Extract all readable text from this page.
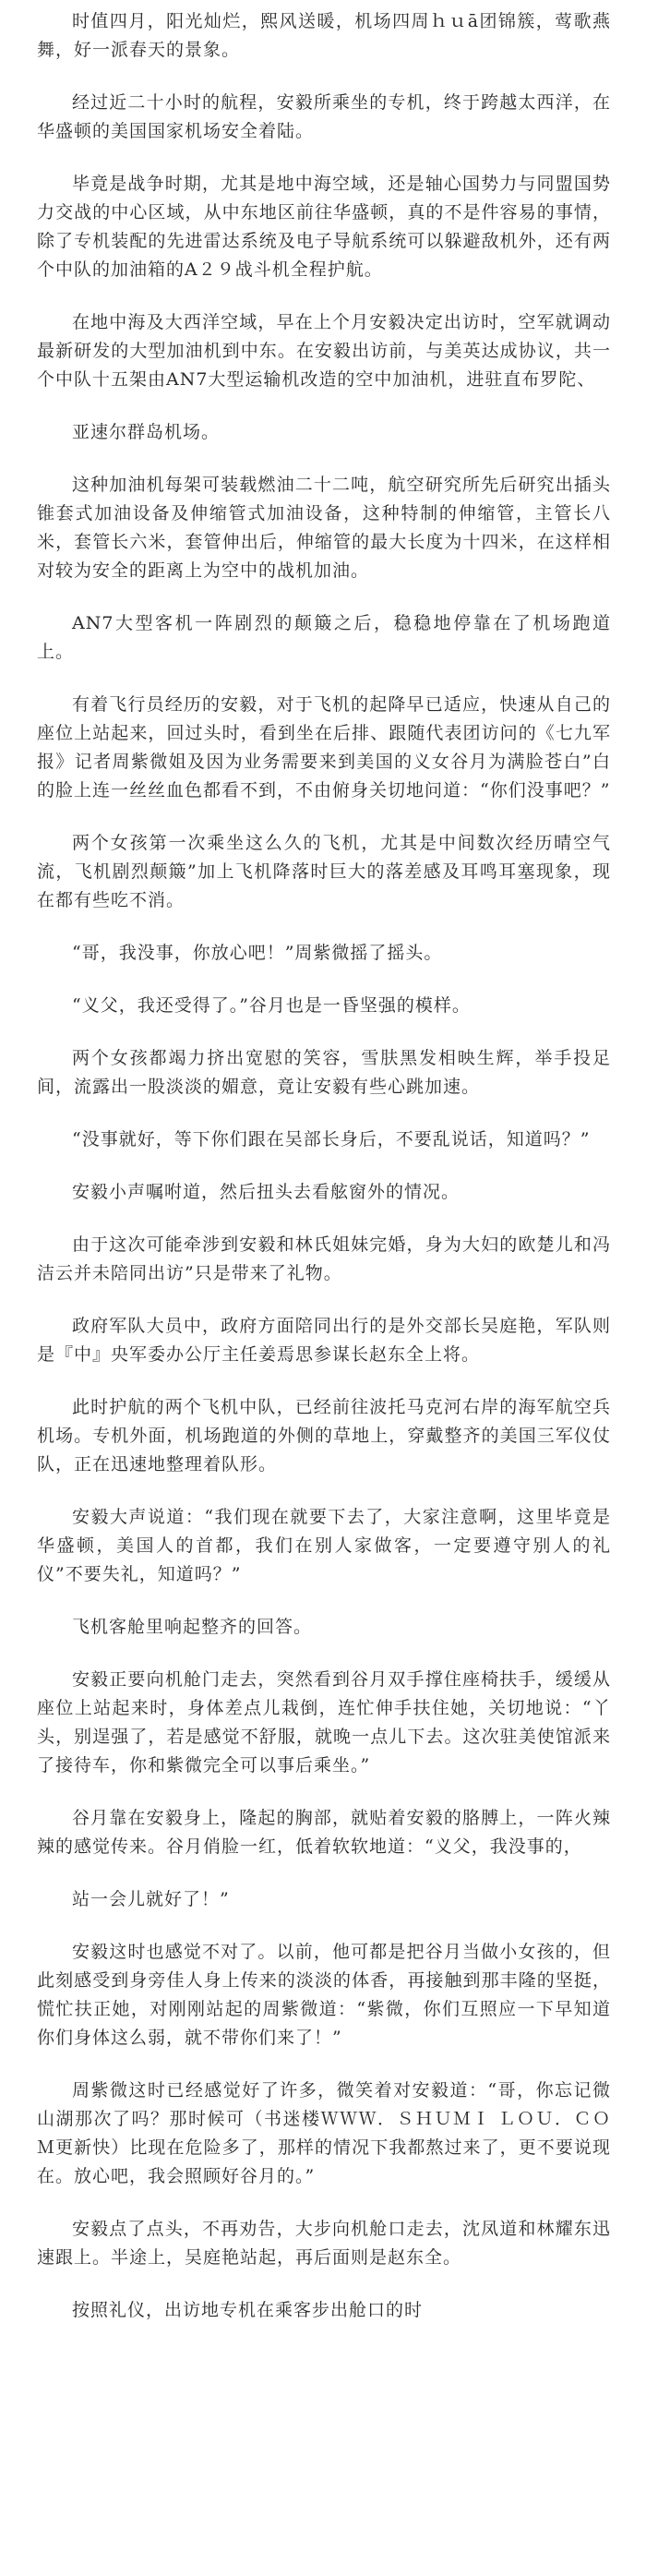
时值四月，阳光灿烂，熙风送暖，机场四周ｈｕā团锦簇，莺歌燕舞，好一派春天的景象。

经过近二十小时的航程，安毅所乘坐的专机，终于跨越太西洋，在华盛顿的美国国家机场安全着陆。

毕竟是战争时期，尤其是地中海空域，还是轴心国势力与同盟国势力交战的中心区域，从中东地区前往华盛顿，真的不是件容易的事情，除了专机装配的先进雷达系统及电子导航系统可以躲避敌机外，还有两个中队的加油箱的A２９战斗机全程护航。

在地中海及大西洋空域，早在上个月安毅决定出访时，空军就调动最新研发的大型加油机到中东。在安毅出访前，与美英达成协议，共一个中队十五架由AN7大型运输机改造的空中加油机，进驻直布罗陀、

亚速尔群岛机场。

这种加油机每架可装载燃油二十二吨，航空研究所先后研究出插头锥套式加油设备及伸缩管式加油设备，这种特制的伸缩管，主管长八米，套管长六米，套管伸出后，伸缩管的最大长度为十四米，在这样相对较为安全的距离上为空中的战机加油。

AN7大型客机一阵剧烈的颠簸之后，稳稳地停靠在了机场跑道上。

有着飞行员经历的安毅，对于飞机的起降早已适应，快速从自己的座位上站起来，回过头时，看到坐在后排、跟随代表团访问的《七九军报》记者周紫微姐及因为业务需要来到美国的义女谷月为满脸苍白”白的脸上连一丝丝血色都看不到，不由俯身关切地问道：“你们没事吧？”

两个女孩第一次乘坐这么久的飞机，尤其是中间数次经历晴空气流，飞机剧烈颠簸”加上飞机降落时巨大的落差感及耳鸣耳塞现象，现在都有些吃不消。

“哥，我没事，你放心吧！”周紫微摇了摇头。

“义父，我还受得了。”谷月也是一昏坚强的模样。

两个女孩都竭力挤出宽慰的笑容，雪肤黑发相映生辉，举手投足间，流露出一股淡淡的媚意，竟让安毅有些心跳加速。

“没事就好，等下你们跟在吴部长身后，不要乱说话，知道吗？”

安毅小声嘱咐道，然后扭头去看舷窗外的情况。

由于这次可能牵涉到安毅和林氏姐妹完婚，身为大妇的欧楚儿和冯洁云并未陪同出访”只是带来了礼物。

政府军队大员中，政府方面陪同出行的是外交部长吴庭艳，军队则是『中』央军委办公厅主任姜焉思参谋长赵东全上将。

此时护航的两个飞机中队，已经前往波托马克河右岸的海军航空兵机场。专机外面，机场跑道的外侧的草地上，穿戴整齐的美国三军仪仗队，正在迅速地整理着队形。

安毅大声说道：“我们现在就要下去了，大家注意啊，这里毕竟是华盛顿，美国人的首都，我们在别人家做客，一定要遵守别人的礼仪”不要失礼，知道吗？”

飞机客舱里响起整齐的回答。

安毅正要向机舱门走去，突然看到谷月双手撑住座椅扶手，缓缓从座位上站起来时，身体差点儿栽倒，连忙伸手扶住她，关切地说：“丫头，别逞强了，若是感觉不舒服，就晚一点儿下去。这次驻美使馆派来了接待车，你和紫微完全可以事后乘坐。”

谷月靠在安毅身上，隆起的胸部，就贴着安毅的胳膊上，一阵火辣辣的感觉传来。谷月俏脸一红，低着软软地道：“义父，我没事的，

站一会儿就好了！”

安毅这时也感觉不对了。以前，他可都是把谷月当做小女孩的，但此刻感受到身旁佳人身上传来的淡淡的体香，再接触到那丰隆的坚挺，慌忙扶正她，对刚刚站起的周紫微道：“紫微，你们互照应一下早知道你们身体这么弱，就不带你们来了！”

周紫微这时已经感觉好了许多，微笑着对安毅道：“哥，你忘记微山湖那次了吗？那时候可（书迷楼ＷＷＷ．ＳＨＵＭＩ ＬＯＵ．ＣＯＭ更新快）比现在危险多了，那样的情况下我都熬过来了，更不要说现在。放心吧，我会照顾好谷月的。”

安毅点了点头，不再劝告，大步向机舱口走去，沈凤道和林耀东迅速跟上。半途上，吴庭艳站起，再后面则是赵东全。

按照礼仪，出访地专机在乘客步出舱口的时
